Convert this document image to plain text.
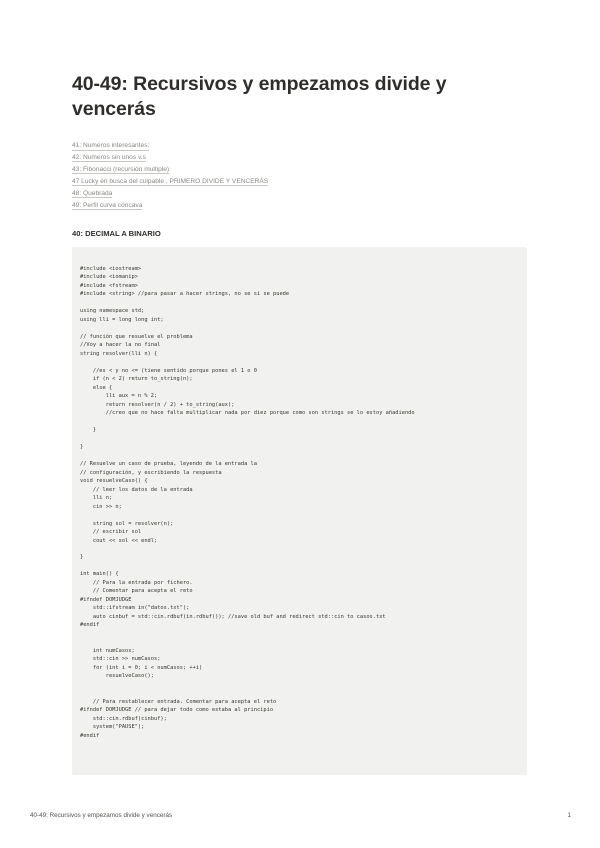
40-49: Recursivos y empezamos divide y vencerás
41: Numeros interesantes:
42: Numeros sin unos v.s
43: Fibonacci (recursión multiple)
47 Lucky en busca del culpable , PRIMERO DIVIDE Y VENCERÁS
48: Quebrada
49: Perfil curva cóncava
40: DECIMAL A BINARIO
#include <iostream>
#include <iomanip>
#include <fstream>
#include <string> //para pasar a hacer strings, no se si se puede

using namespace std;
using lli = long long int;

// función que resuelve el problema
//Voy a hacer la no final
string resolver(lli n) {

//es < y no <= (tiene sentido porque pones el 1 o 0
if (n < 2) return to_string(n);
else {
lli aux = n % 2;
return resolver(n / 2) + to_string(aux);
//creo que no hace falta multiplicar nada por diez porque como son strings se lo estoy añadiendo

}

}

// Resuelve un caso de prueba, leyendo de la entrada la
// configuración, y escribiendo la respuesta
void resuelveCaso() {
// leer los datos de la entrada
lli n;
cin >> n;

string sol = resolver(n);
// escribir sol
cout << sol << endl;

}

int main() {
// Para la entrada por fichero.
// Comentar para acepta el reto
#ifndef DOMJUDGE
std::ifstream in("datos.txt");
auto cinbuf = std::cin.rdbuf(in.rdbuf()); //save old buf and redirect std::cin to casos.txt
#endif

int numCasos;
std::cin >> numCasos;
for (int i = 0; i < numCasos; ++i)
resuelveCaso();

// Para restablecer entrada. Comentar para acepta el reto
#ifndef DOMJUDGE // para dejar todo como estaba al principio
std::cin.rdbuf(cinbuf);
system("PAUSE");
#endif
40-49: Recursivos y empezamos divide y vencerás	1
